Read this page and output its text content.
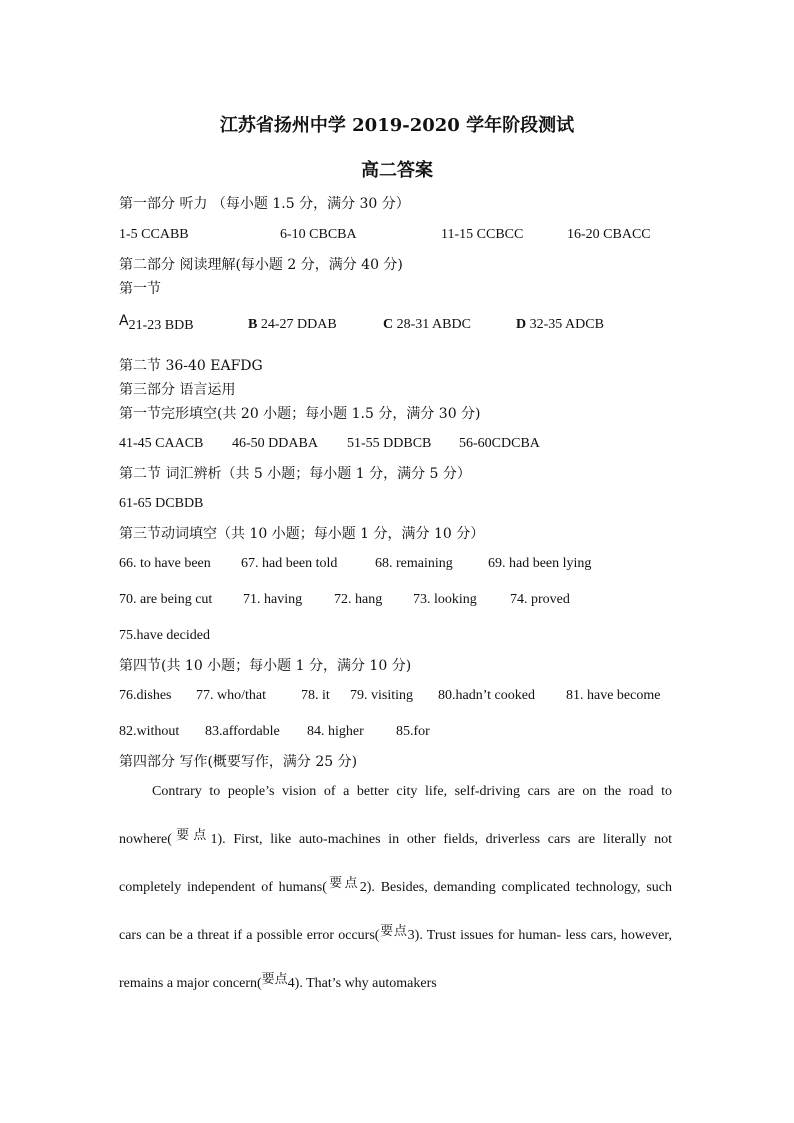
江苏省扬州中学 2019-2020 学年阶段测试
高二答案
第一部分 听力 （每小题 1.5 分，满分 30 分）
1-5 CCABB	6-10 CBCBA	11-15 CCBCC	16-20 CBACC
第二部分 阅读理解(每小题 2 分，满分 40 分)
第一节
A21-23 BDB	B 24-27 DDAB	C 28-31 ABDC	D 32-35 ADCB
第二节 36-40 EAFDG
第三部分 语言运用
第一节完形填空(共 20 小题；每小题 1.5 分，满分 30 分)
41-45 CAACB 46-50 DDABA 51-55 DDBCB 56-60CDCBA
第二节 词汇辨析（共 5 小题；每小题 1 分，满分 5 分）
61-65 DCBDB
第三节动词填空（共 10 小题；每小题 1 分，满分 10 分）
66. to have been 67. had been told	68. remaining	69. had been lying
70. are being cut 71. having 72. hang 73. looking 74. proved
75.have decided
第四节(共 10 小题；每小题 1 分，满分 10 分)
76.dishes 77. who/that	78. it 79. visiting 80.hadn’t cooked 81. have become
82.without 83.affordable 84. higher 85.for
第四部分 写作(概要写作，满分 25 分)

Contrary to people’s vision of a better city life, self-driving cars are on the road to nowhere(要点1). First, like auto-machines in other fields, driverless cars are literally not completely independent of humans(要点2). Besides, demanding complicated technology, such cars can be a threat if a possible error occurs(要点3). Trust issues for human- less cars, however, remains a major concern(要点4). That’s why automakers
